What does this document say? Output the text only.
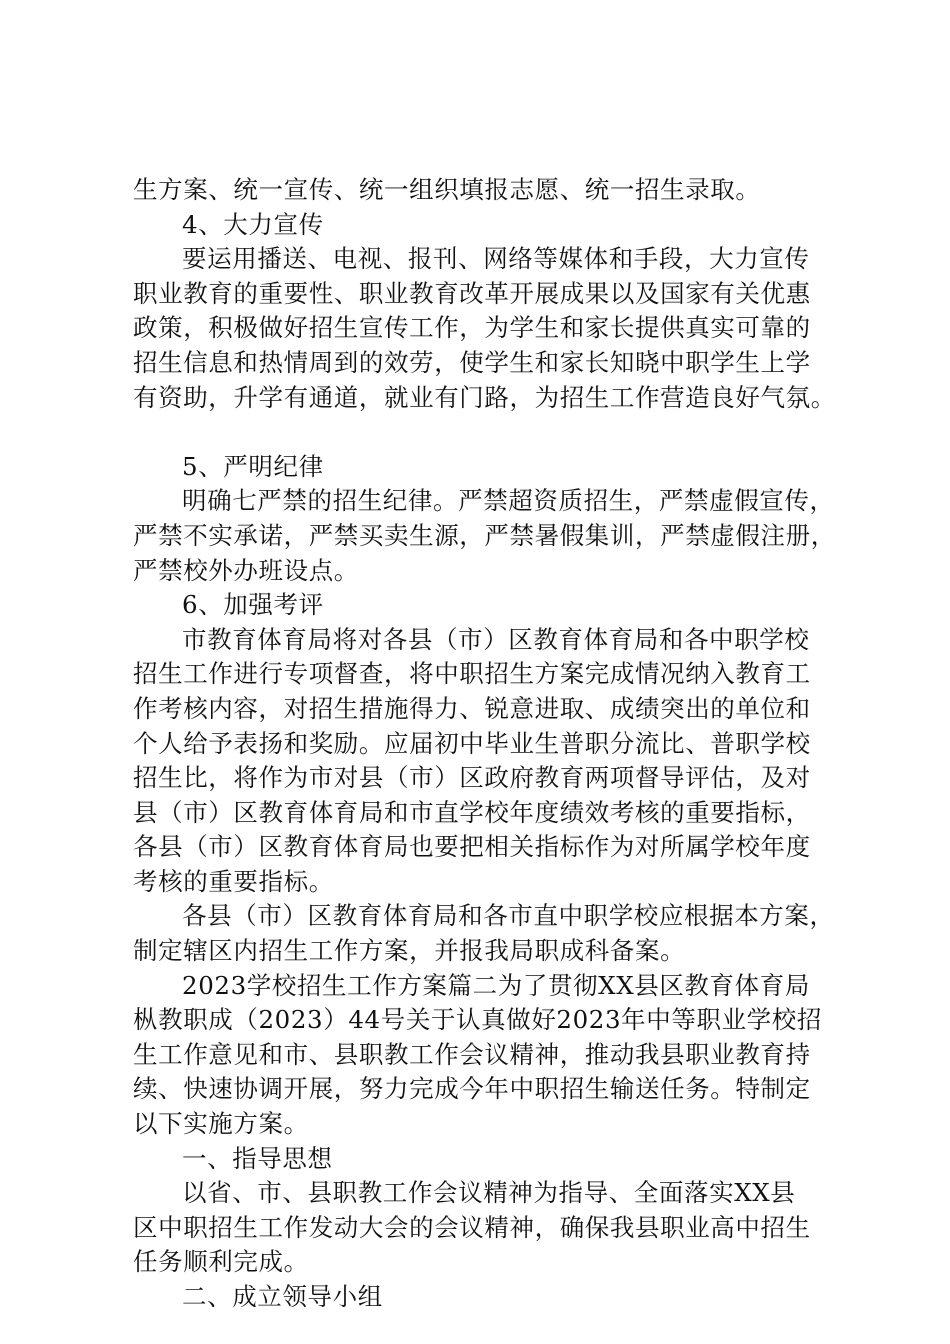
生方案、统一宣传、统一组织填报志愿、统一招生录取。

4、大力宣传

要运用播送、电视、报刊、网络等媒体和手段，大力宣传

职业教育的重要性、职业教育改革开展成果以及国家有关优惠

政策，积极做好招生宣传工作，为学生和家长提供真实可靠的

招生信息和热情周到的效劳，使学生和家长知晓中职学生上学

有资助，升学有通道，就业有门路，为招生工作营造良好气氛。

5、严明纪律

明确七严禁的招生纪律。严禁超资质招生，严禁虚假宣传，

严禁不实承诺，严禁买卖生源，严禁暑假集训，严禁虚假注册，

严禁校外办班设点。

6、加强考评

市教育体育局将对各县（市）区教育体育局和各中职学校

招生工作进行专项督查，将中职招生方案完成情况纳入教育工

作考核内容，对招生措施得力、锐意进取、成绩突出的单位和

个人给予表扬和奖励。应届初中毕业生普职分流比、普职学校

招生比，将作为市对县（市）区政府教育两项督导评估，及对

县（市）区教育体育局和市直学校年度绩效考核的重要指标，

各县（市）区教育体育局也要把相关指标作为对所属学校年度

考核的重要指标。

各县（市）区教育体育局和各市直中职学校应根据本方案，

制定辖区内招生工作方案，并报我局职成科备案。

2023学校招生工作方案篇二为了贯彻XX县区教育体育局

枞教职成（2023）44号关于认真做好2023年中等职业学校招

生工作意见和市、县职教工作会议精神，推动我县职业教育持

续、快速协调开展，努力完成今年中职招生输送任务。特制定

以下实施方案。

一、指导思想

以省、市、县职教工作会议精神为指导、全面落实XX县

区中职招生工作发动大会的会议精神，确保我县职业高中招生

任务顺利完成。

二、成立领导小组
